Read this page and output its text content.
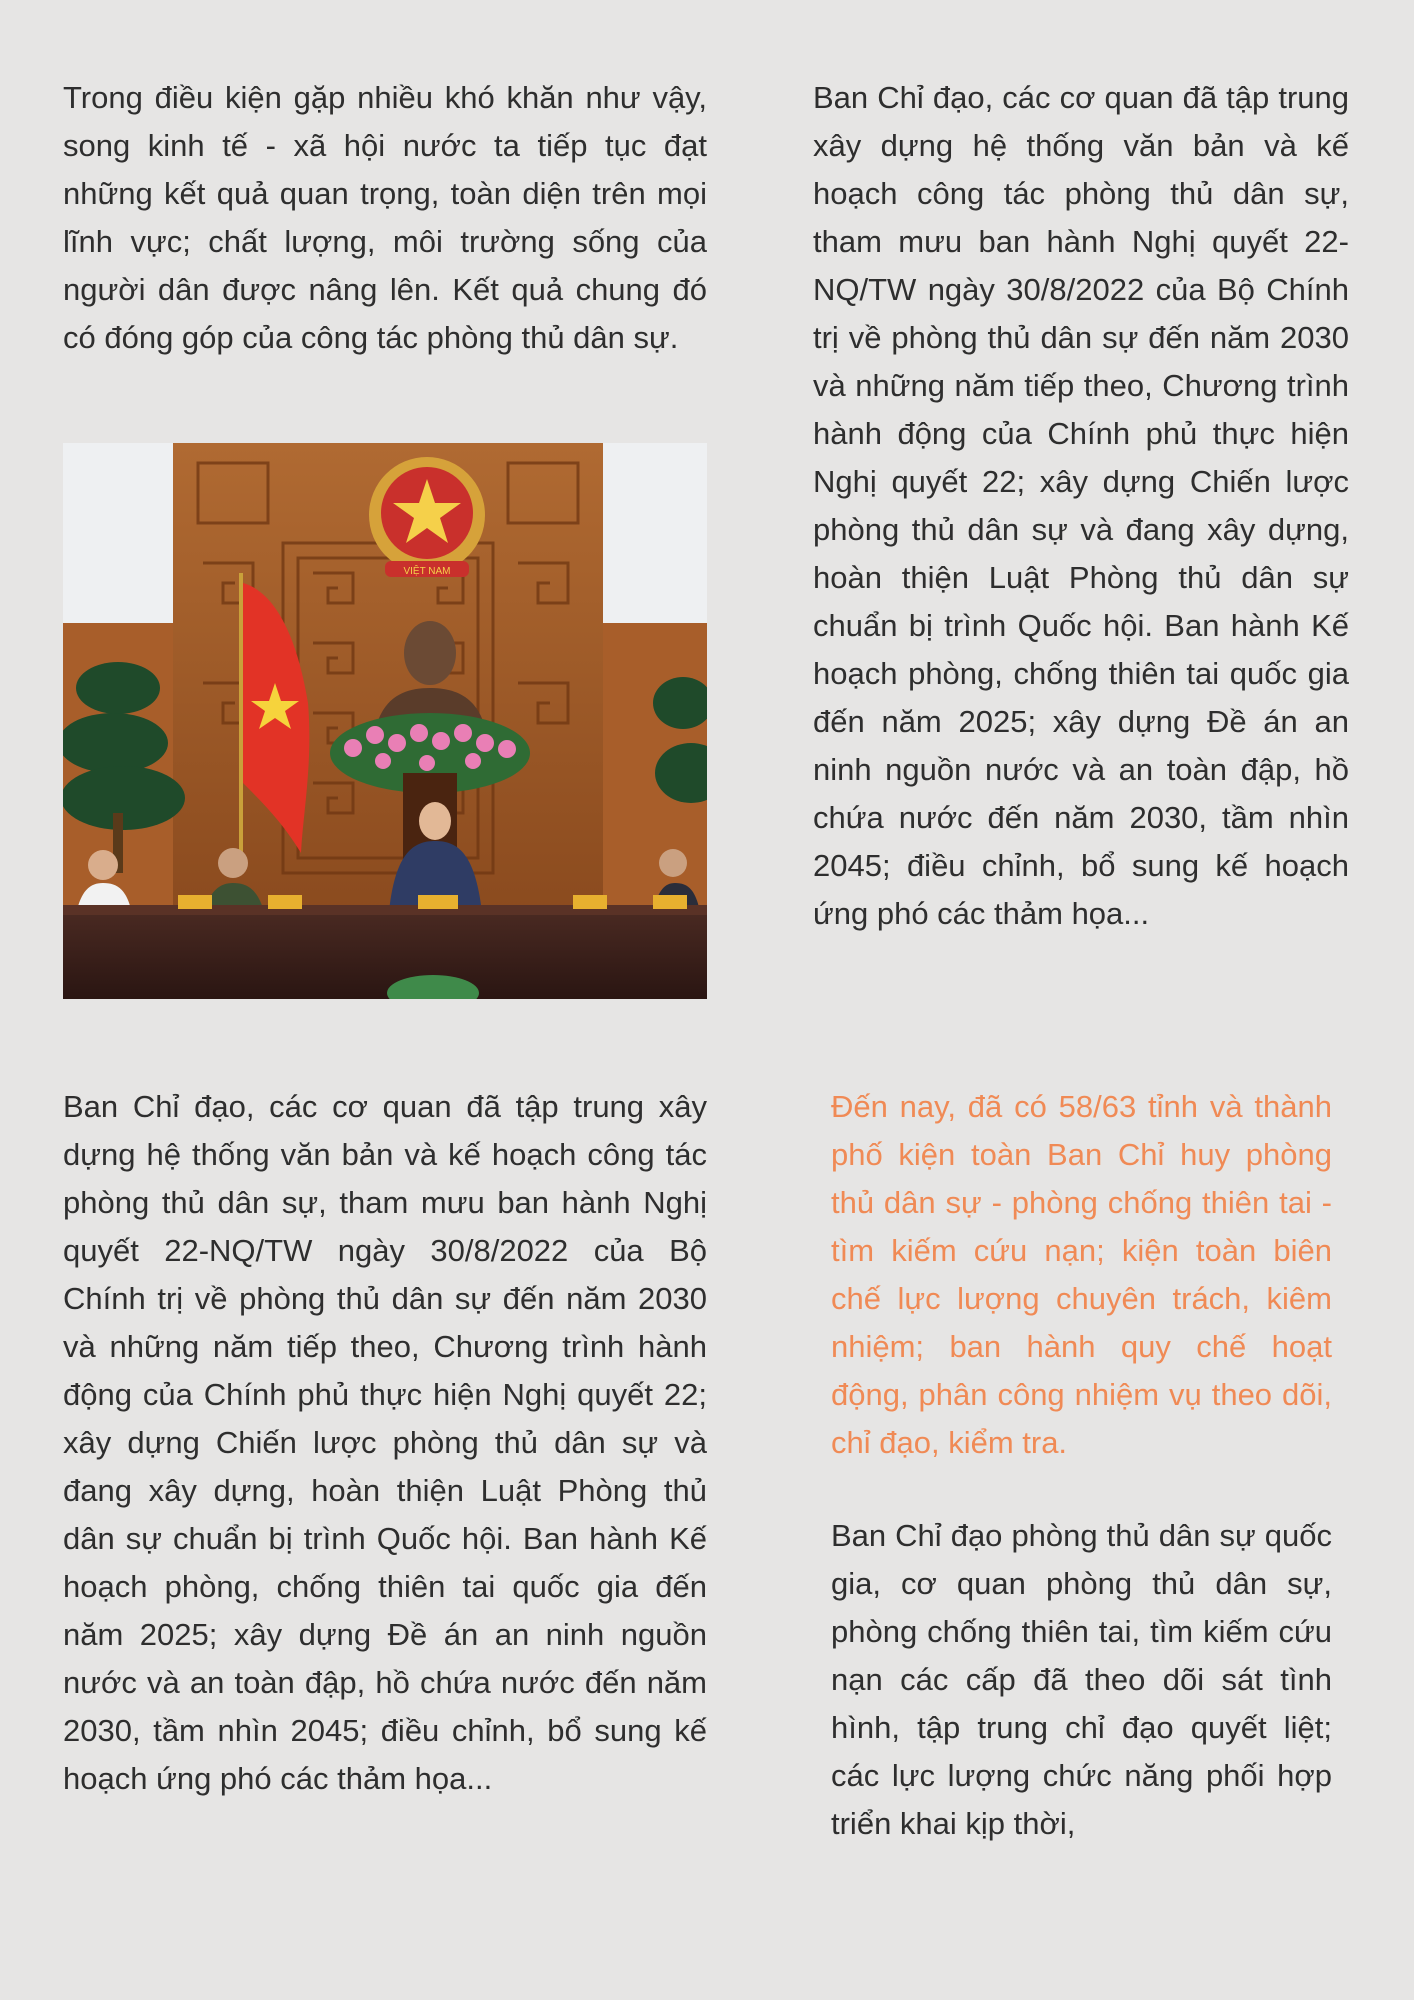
Trong điều kiện gặp nhiều khó khăn như vậy, song kinh tế - xã hội nước ta tiếp tục đạt những kết quả quan trọng, toàn diện trên mọi lĩnh vực; chất lượng, môi trường sống của người dân được nâng lên. Kết quả chung đó có đóng góp của công tác phòng thủ dân sự.

VIỆT NAM

Ban Chỉ đạo, các cơ quan đã tập trung xây dựng hệ thống văn bản và kế hoạch công tác phòng thủ dân sự, tham mưu ban hành Nghị quyết 22-NQ/TW ngày 30/8/2022 của Bộ Chính trị về phòng thủ dân sự đến năm 2030 và những năm tiếp theo, Chương trình hành động của Chính phủ thực hiện Nghị quyết 22; xây dựng Chiến lược phòng thủ dân sự và đang xây dựng, hoàn thiện Luật Phòng thủ dân sự chuẩn bị trình Quốc hội. Ban hành Kế hoạch phòng, chống thiên tai quốc gia đến năm 2025; xây dựng Đề án an ninh nguồn nước và an toàn đập, hồ chứa nước đến năm 2030, tầm nhìn 2045; điều chỉnh, bổ sung kế hoạch ứng phó các thảm họa...

Ban Chỉ đạo, các cơ quan đã tập trung xây dựng hệ thống văn bản và kế hoạch công tác phòng thủ dân sự, tham mưu ban hành Nghị quyết 22-NQ/TW ngày 30/8/2022 của Bộ Chính trị về phòng thủ dân sự đến năm 2030 và những năm tiếp theo, Chương trình hành động của Chính phủ thực hiện Nghị quyết 22; xây dựng Chiến lược phòng thủ dân sự và đang xây dựng, hoàn thiện Luật Phòng thủ dân sự chuẩn bị trình Quốc hội. Ban hành Kế hoạch phòng, chống thiên tai quốc gia đến năm 2025; xây dựng Đề án an ninh nguồn nước và an toàn đập, hồ chứa nước đến năm 2030, tầm nhìn 2045; điều chỉnh, bổ sung kế hoạch ứng phó các thảm họa...

Đến nay, đã có 58/63 tỉnh và thành phố kiện toàn Ban Chỉ huy phòng thủ dân sự - phòng chống thiên tai - tìm kiếm cứu nạn; kiện toàn biên chế lực lượng chuyên trách, kiêm nhiệm; ban hành quy chế hoạt động, phân công nhiệm vụ theo dõi, chỉ đạo, kiểm tra.

Ban Chỉ đạo phòng thủ dân sự quốc gia, cơ quan phòng thủ dân sự, phòng chống thiên tai, tìm kiếm cứu nạn các cấp đã theo dõi sát tình hình, tập trung chỉ đạo quyết liệt; các lực lượng chức năng phối hợp triển khai kịp thời,
